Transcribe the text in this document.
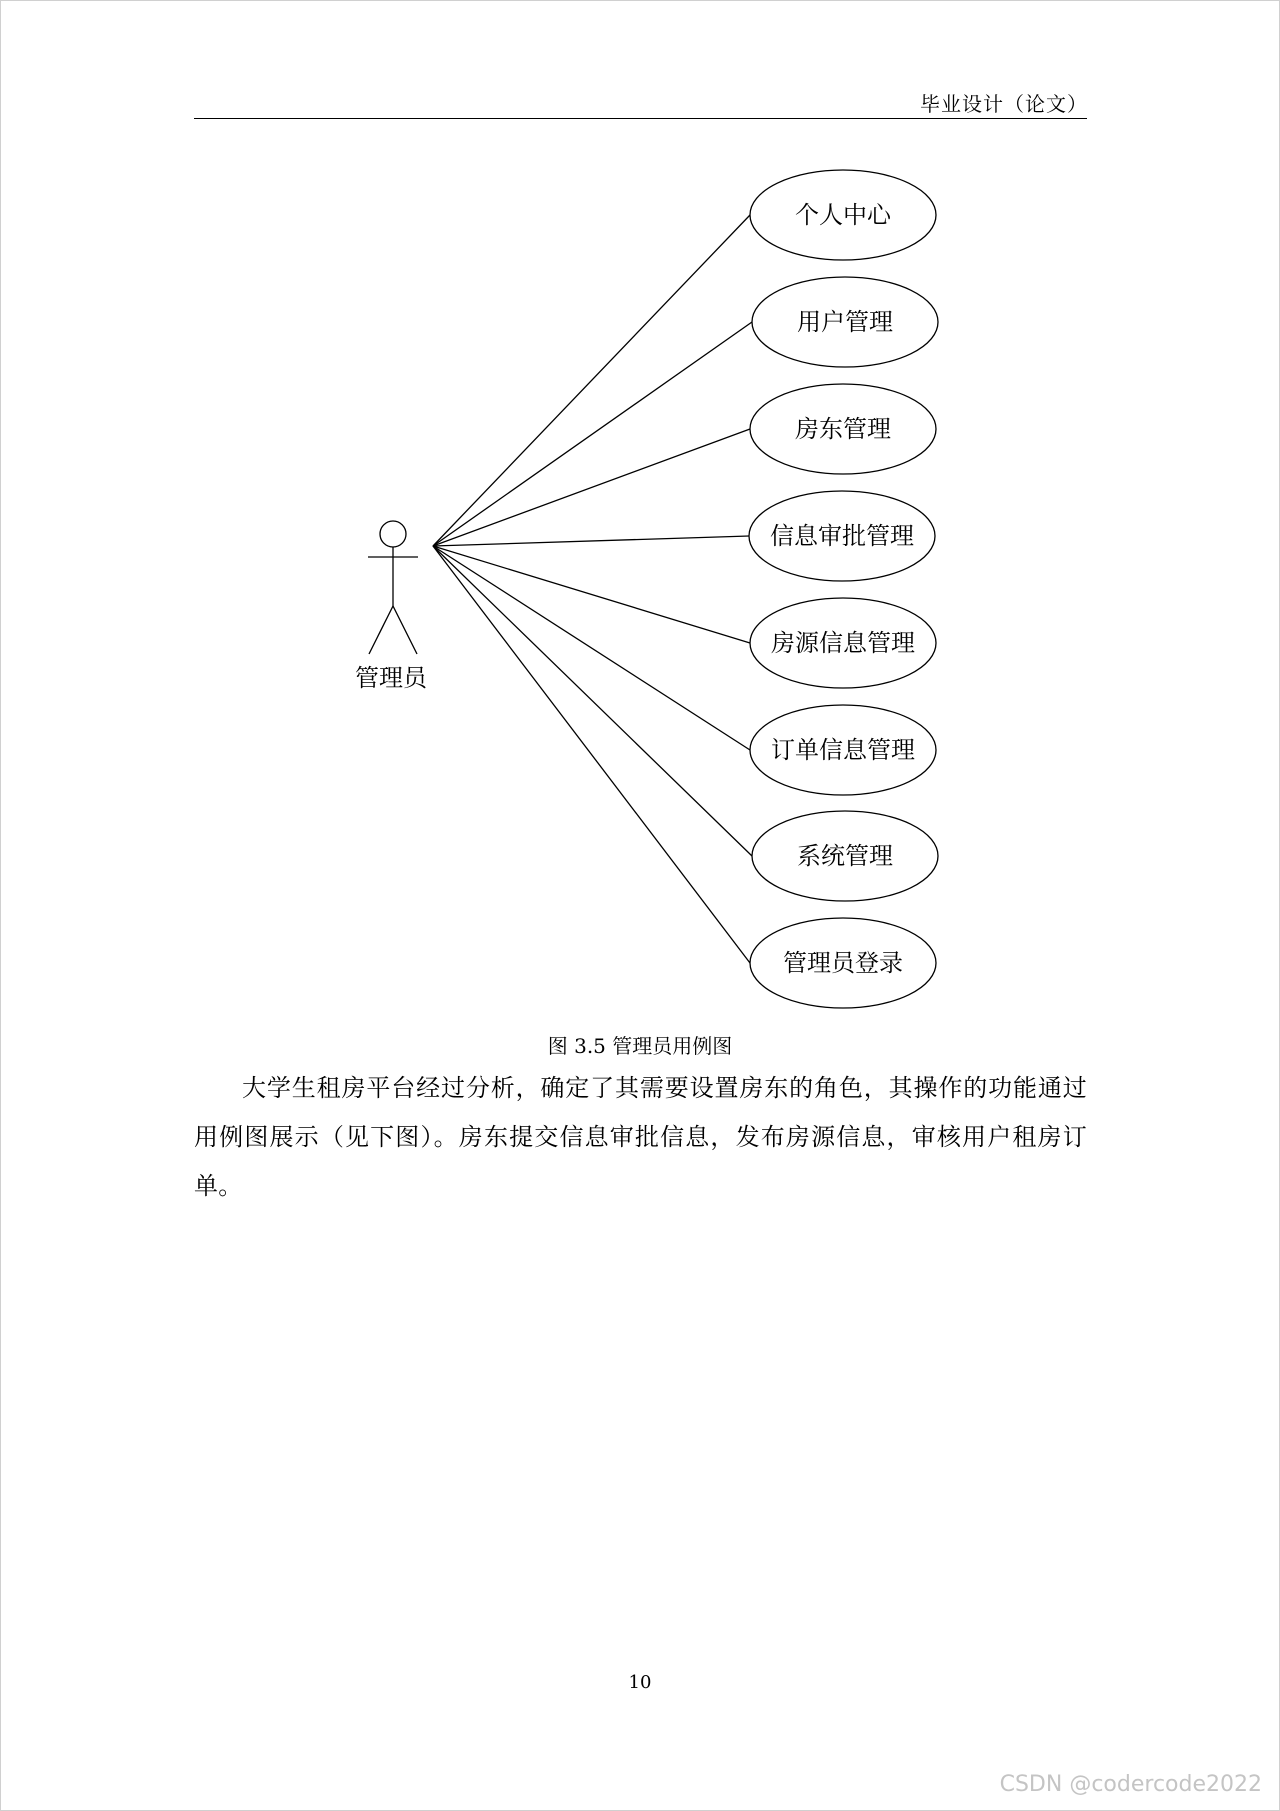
毕业设计（论文）
管理员
个人中心
用户管理
房东管理
信息审批管理
房源信息管理
订单信息管理
系统管理
管理员登录
图 3.5 管理员用例图

大学生租房平台经过分析，确定了其需要设置房东的角色，其操作的功能通过用例图展示（见下图）。房东提交信息审批信息，发布房源信息，审核用户租房订单。

10
CSDN @codercode2022
